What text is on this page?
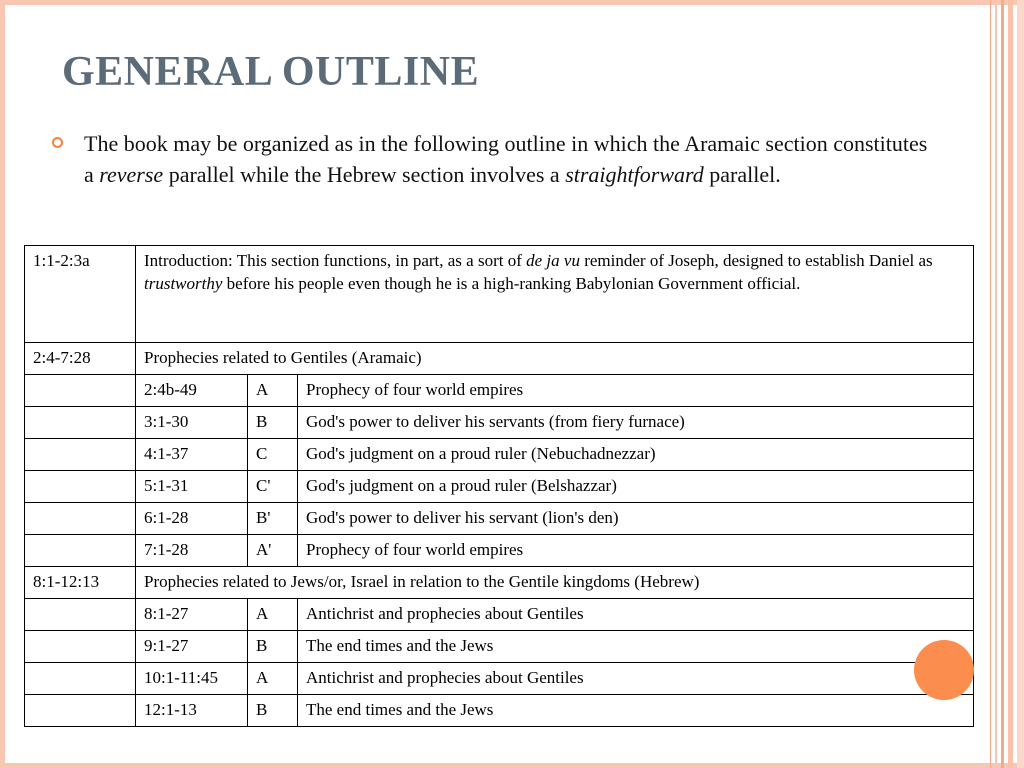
GENERAL OUTLINE
The book may be organized as in the following outline in which the Aramaic section constitutes a reverse parallel while the Hebrew section involves a straightforward parallel.
1:1-2:3a	Introduction: This section functions, in part, as a sort of de ja vu reminder of Joseph, designed to establish Daniel as trustworthy before his people even though he is a high-ranking Babylonian Government official.		
2:4-7:28	Prophecies related to Gentiles (Aramaic)		
	2:4b-49	A	Prophecy of four world empires
	3:1-30	B	God's power to deliver his servants (from fiery furnace)
	4:1-37	C	God's judgment on a proud ruler (Nebuchadnezzar)
	5:1-31	C'	God's judgment on a proud ruler (Belshazzar)
	6:1-28	B'	God's power to deliver his servant (lion's den)
	7:1-28	A'	Prophecy of four world empires
8:1-12:13	Prophecies related to Jews/or, Israel in relation to the Gentile kingdoms (Hebrew)		
	8:1-27	A	Antichrist and prophecies about Gentiles
	9:1-27	B	The end times and the Jews
	10:1-11:45	A	Antichrist and prophecies about Gentiles
	12:1-13	B	The end times and the Jews
